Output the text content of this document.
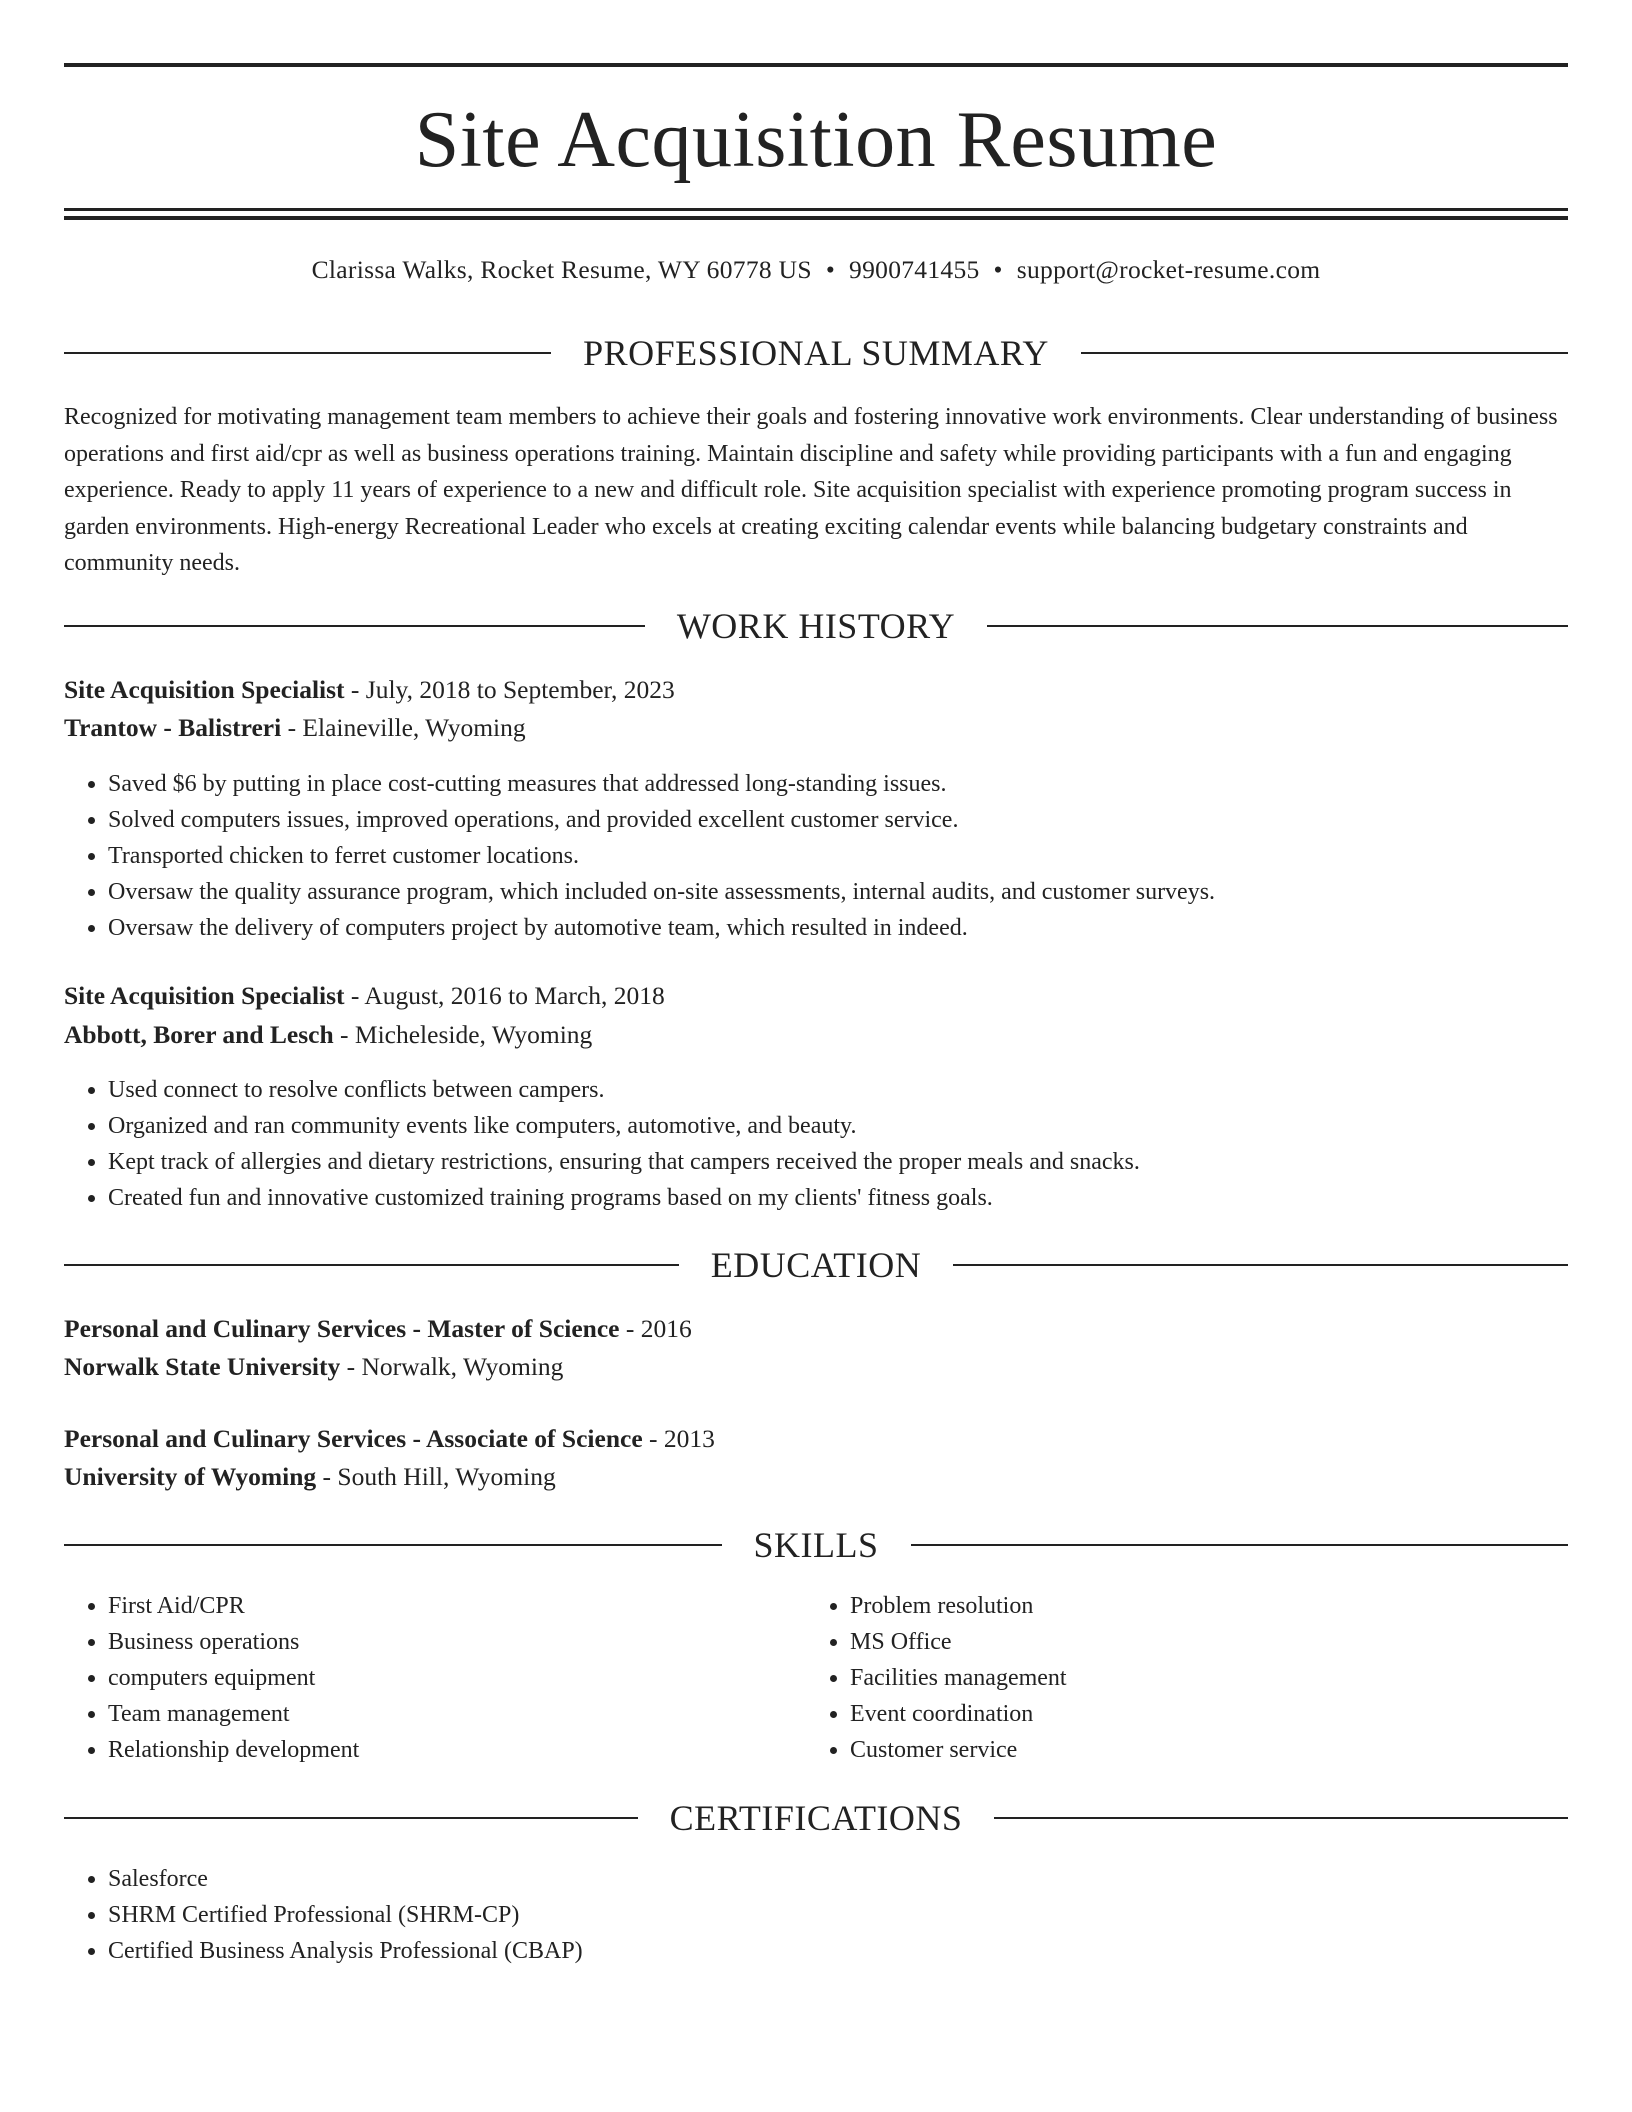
Site Acquisition Resume
Clarissa Walks, Rocket Resume, WY 60778 US • 9900741455 • support@rocket-resume.com
PROFESSIONAL SUMMARY

Recognized for motivating management team members to achieve their goals and fostering innovative work environments. Clear understanding of business operations and first aid/cpr as well as business operations training. Maintain discipline and safety while providing participants with a fun and engaging experience. Ready to apply 11 years of experience to a new and difficult role. Site acquisition specialist with experience promoting program success in garden environments. High-energy Recreational Leader who excels at creating exciting calendar events while balancing budgetary constraints and community needs.

WORK HISTORY
Site Acquisition Specialist - July, 2018 to September, 2023
Trantow - Balistreri - Elaineville, Wyoming
• Saved $6 by putting in place cost-cutting measures that addressed long-standing issues.
• Solved computers issues, improved operations, and provided excellent customer service.
• Transported chicken to ferret customer locations.
• Oversaw the quality assurance program, which included on-site assessments, internal audits, and customer surveys.
• Oversaw the delivery of computers project by automotive team, which resulted in indeed.
Site Acquisition Specialist - August, 2016 to March, 2018
Abbott, Borer and Lesch - Micheleside, Wyoming
• Used connect to resolve conflicts between campers.
• Organized and ran community events like computers, automotive, and beauty.
• Kept track of allergies and dietary restrictions, ensuring that campers received the proper meals and snacks.
• Created fun and innovative customized training programs based on my clients' fitness goals.
EDUCATION
Personal and Culinary Services - Master of Science - 2016
Norwalk State University - Norwalk, Wyoming
Personal and Culinary Services - Associate of Science - 2013
University of Wyoming - South Hill, Wyoming
SKILLS
• First Aid/CPR
• Business operations
• computers equipment
• Team management
• Relationship development
• Problem resolution
• MS Office
• Facilities management
• Event coordination
• Customer service
CERTIFICATIONS
• Salesforce
• SHRM Certified Professional (SHRM-CP)
• Certified Business Analysis Professional (CBAP)
